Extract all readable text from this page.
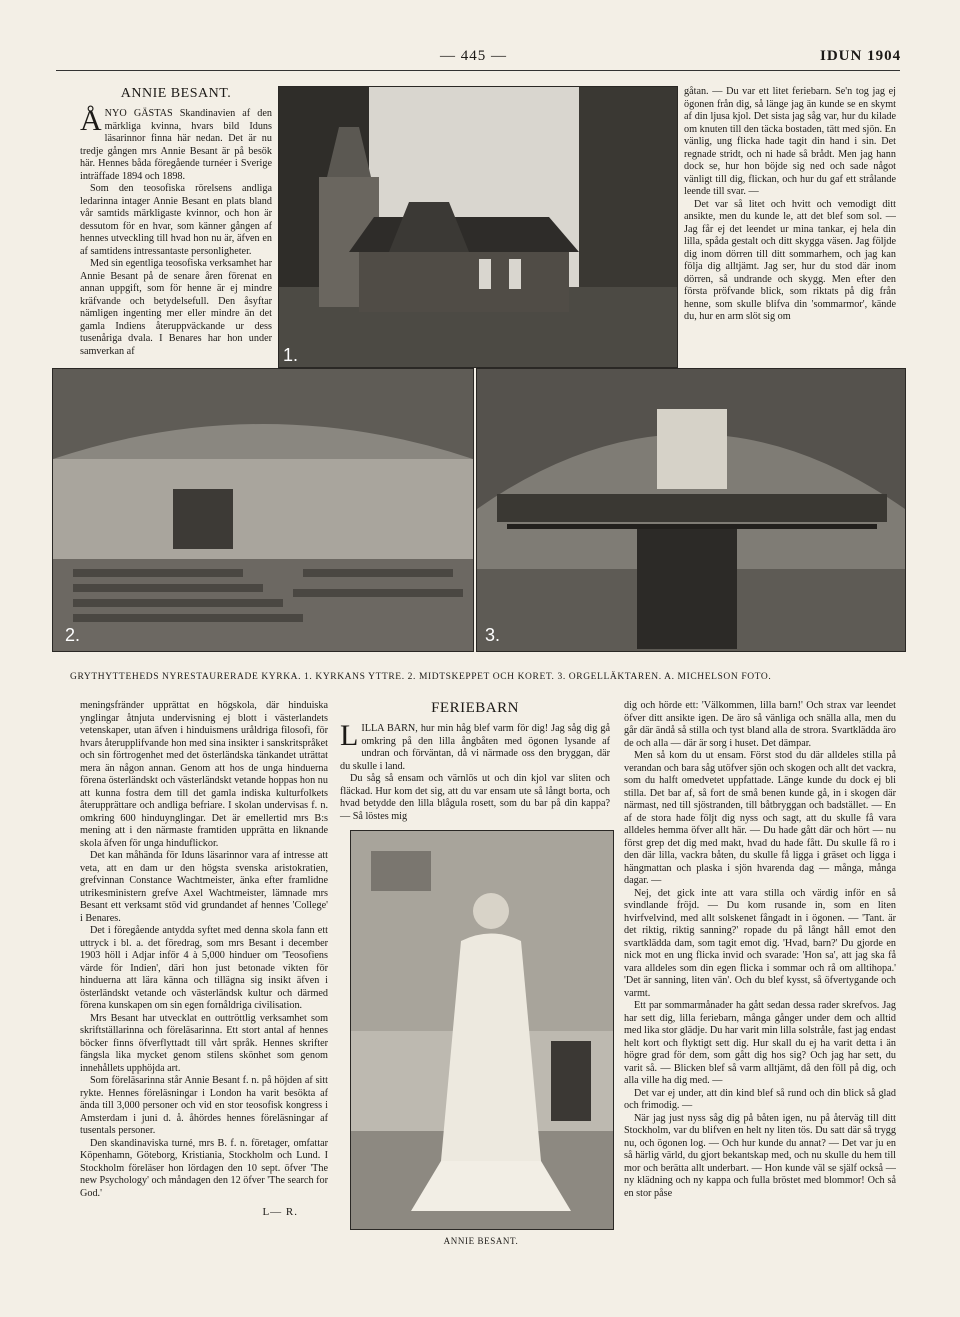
— 445 —	IDUN 1904
ANNIE BESANT.

ÅNYO GÄSTAS Skandinavien af den märkliga kvinna, hvars bild Iduns läsarinnor finna här nedan. Det är nu tredje gången mrs Annie Besant är på besök här. Hennes båda föregående turnéer i Sverige inträffade 1894 och 1898.

Som den teosofiska rörelsens andliga ledarinna intager Annie Besant en plats bland vår samtids märkligaste kvinnor, och hon är dessutom för en hvar, som känner gången af hennes utveckling till hvad hon nu är, äfven en af samtidens intressantaste personligheter.

Med sin egentliga teosofiska verksamhet har Annie Besant på de senare åren förenat en annan uppgift, som för henne är ej mindre kräfvande och betydelsefull. Den åsyftar nämligen ingenting mer eller mindre än det gamla Indiens återuppväckande ur dess tusenåriga dvala. I Benares har hon under samverkan af	1.

gåtan. — Du var ett litet feriebarn. Se'n tog jag ej ögonen från dig, så länge jag än kunde se en skymt af din ljusa kjol. Det sista jag såg var, hur du kilade om knuten till den täcka bostaden, tätt med sjön. En vänlig, ung flicka hade tagit din hand i sin. Det regnade stridt, och ni hade så brådt. Men jag hann dock se, hur hon böjde sig ned och sade något vänligt till dig, flickan, och hur du gaf ett strålande leende till svar. —

Det var så litet och hvitt och vemodigt ditt ansikte, men du kunde le, att det blef som sol. — Jag får ej det leendet ur mina tankar, ej hela din lilla, spåda gestalt och ditt skygga väsen. Jag följde dig inom dörren till ditt sommarhem, och jag kan följa dig alltjämt. Jag ser, hur du stod där inom dörren, så undrande och skygg. Men efter den första pröfvande blick, som riktats på dig från henne, som skulle blifva din 'sommarmor', kände du, hur en arm slöt sig om

2.	3.
GRYTHYTTEHEDS NYRESTAURERADE KYRKA. 1. KYRKANS YTTRE. 2. MIDTSKEPPET OCH KORET. 3. ORGELLÄKTAREN. A. MICHELSON FOTO.

meningsfränder upprättat en högskola, där hinduiska ynglingar åtnjuta undervisning ej blott i västerlandets vetenskaper, utan äfven i hinduismens uråldriga filosofi, för hvars återupplifvande hon med sina insikter i sanskritspråket och sin förtrogenhet med det österländska tänkandet uträttat mera än någon annan. Genom att hos de unga hinduerna förena österländskt och västerländskt vetande hoppas hon nu att kunna fostra dem till det gamla indiska kulturfolkets återupprättare och andliga befriare. I skolan undervisas f. n. omkring 600 hinduynglingar. Det är emellertid mrs B:s mening att i den närmaste framtiden upprätta en liknande skola äfven för unga hinduflickor.

Det kan måhända för Iduns läsarinnor vara af intresse att veta, att en dam ur den högsta svenska aristokratien, grefvinnan Constance Wachtmeister, änka efter framlidne utrikesministern grefve Axel Wachtmeister, lämnade mrs Besant ett verksamt stöd vid grundandet af hennes 'College' i Benares.

Det i föregående antydda syftet med denna skola fann ett uttryck i bl. a. det föredrag, som mrs Besant i december 1903 höll i Adjar inför 4 à 5,000 hinduer om 'Teosofiens värde för Indien', däri hon just betonade vikten för hinduerna att lära känna och tillägna sig insikt äfven i österländskt vetande och västerländsk kultur och därmed förena kunskapen om sin egen fornåldriga civilisation.

Mrs Besant har utvecklat en outtröttlig verksamhet som skriftställarinna och föreläsarinna. Ett stort antal af hennes böcker finns öfverflyttadt till vårt språk. Hennes skrifter fängsla lika mycket genom stilens skönhet som genom innehållets upphöjda art.

Som föreläsarinna står Annie Besant f. n. på höjden af sitt rykte. Hennes föreläsningar i London ha varit besökta af ända till 3,000 personer och vid en stor teosofisk kongress i Amsterdam i juni d. å. åhördes hennes föreläsningar af tusentals personer.

Den skandinaviska turné, mrs B. f. n. företager, omfattar Köpenhamn, Göteborg, Kristiania, Stockholm och Lund. I Stockholm föreläser hon lördagen den 10 sept. öfver 'The new Psychology' och måndagen den 12 öfver 'The search for God.'

L— R.
FERIEBARN

LILLA BARN, hur min håg blef varm för dig! Jag såg dig gå omkring på den lilla ångbåten med ögonen lysande af undran och förväntan, då vi närmade oss den bryggan, där du skulle i land.

Du såg så ensam och värnlös ut och din kjol var sliten och fläckad. Hur kom det sig, att du var ensam ute så långt borta, och hvad betydde den lilla blågula rosett, som du bar på din kappa? — Så löstes mig

ANNIE BESANT.

dig och hörde ett: 'Välkommen, lilla barn!' Och strax var leendet öfver ditt ansikte igen. De äro så vänliga och snälla alla, men du går där ändå så stilla och tyst bland alla de strora. Svartklädda äro de och alla — där är sorg i huset. Det dämpar.

Men så kom du ut ensam. Först stod du där alldeles stilla på verandan och bara såg utöfver sjön och skogen och allt det vackra, som du halft omedvetet uppfattade. Länge kunde du dock ej bli stilla. Det bar af, så fort de små benen kunde gå, in i skogen där närmast, ned till sjöstranden, till båtbryggan och badstället. — En af de stora hade följt dig nyss och sagt, att du skulle få vara alldeles hemma öfver allt här. — Du hade gått där och hört — nu först grep det dig med makt, hvad du hade fått. Du skulle få ro i den där lilla, vackra båten, du skulle få ligga i gräset och ligga i hängmattan och plaska i sjön hvarenda dag — många, många dagar. —

Nej, det gick inte att vara stilla och värdig inför en så svindlande fröjd. — Du kom rusande in, som en liten hvirfvelvind, med allt solskenet fångadt in i ögonen. — 'Tant. är det riktig, riktig sanning?' ropade du på långt håll emot den svartklädda dam, som tagit emot dig. 'Hvad, barn?' Du gjorde en nick mot en ung flicka invid och svarade: 'Hon sa', att jag ska få vara alldeles som din egen flicka i sommar och rå om alltihopa.' 'Det är sanning, liten vän'. Och du blef kysst, så öfvertygande och varmt.

Ett par sommarmånader ha gått sedan dessa rader skrefvos. Jag har sett dig, lilla feriebarn, många gånger under dem och alltid med lika stor glädje. Du har varit min lilla solstråle, fast jag endast helt kort och flyktigt sett dig. Hur skall du ej ha varit detta i än högre grad för dem, som gått dig hos sig? Och jag har sett, du varit så. — Blicken blef så varm alltjämt, då den föll på dig, och alla ville ha dig med. —

Det var ej under, att din kind blef så rund och din blick så glad och frimodig. —

När jag just nyss såg dig på båten igen, nu på återväg till ditt Stockholm, var du blifven en helt ny liten tös. Du satt där så trygg nu, och ögonen log. — Och hur kunde du annat? — Det var ju en så härlig värld, du gjort bekantskap med, och nu skulle du hem till mor och berätta allt underbart. — Hon kunde väl se själf också — ny klädning och ny kappa och fulla bröstet med blommor! Och så en stor påse
